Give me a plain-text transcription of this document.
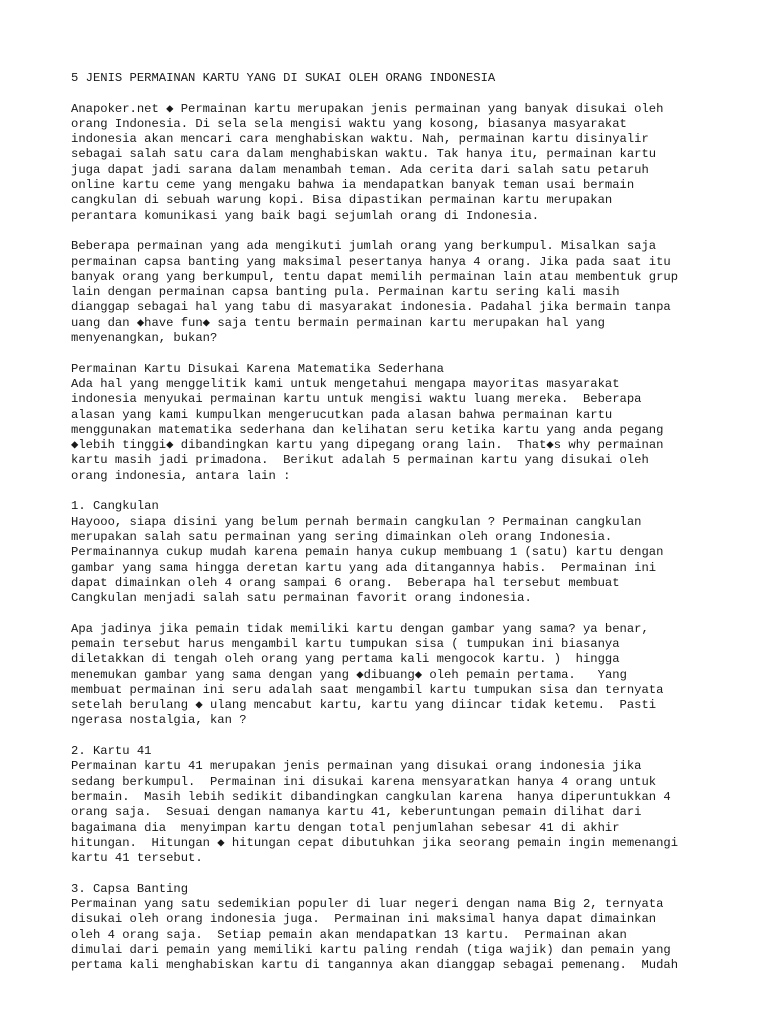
5 JENIS PERMAINAN KARTU YANG DI SUKAI OLEH ORANG INDONESIA
Anapoker.net ◆ Permainan kartu merupakan jenis permainan yang banyak disukai oleh
orang Indonesia. Di sela sela mengisi waktu yang kosong, biasanya masyarakat
indonesia akan mencari cara menghabiskan waktu. Nah, permainan kartu disinyalir
sebagai salah satu cara dalam menghabiskan waktu. Tak hanya itu, permainan kartu
juga dapat jadi sarana dalam menambah teman. Ada cerita dari salah satu petaruh
online kartu ceme yang mengaku bahwa ia mendapatkan banyak teman usai bermain
cangkulan di sebuah warung kopi. Bisa dipastikan permainan kartu merupakan
perantara komunikasi yang baik bagi sejumlah orang di Indonesia.
Beberapa permainan yang ada mengikuti jumlah orang yang berkumpul. Misalkan saja
permainan capsa banting yang maksimal pesertanya hanya 4 orang. Jika pada saat itu
banyak orang yang berkumpul, tentu dapat memilih permainan lain atau membentuk grup
lain dengan permainan capsa banting pula. Permainan kartu sering kali masih
dianggap sebagai hal yang tabu di masyarakat indonesia. Padahal jika bermain tanpa
uang dan ◆have fun◆ saja tentu bermain permainan kartu merupakan hal yang
menyenangkan, bukan?
Permainan Kartu Disukai Karena Matematika Sederhana
Ada hal yang menggelitik kami untuk mengetahui mengapa mayoritas masyarakat
indonesia menyukai permainan kartu untuk mengisi waktu luang mereka.  Beberapa
alasan yang kami kumpulkan mengerucutkan pada alasan bahwa permainan kartu
menggunakan matematika sederhana dan kelihatan seru ketika kartu yang anda pegang
◆lebih tinggi◆ dibandingkan kartu yang dipegang orang lain.  That◆s why permainan
kartu masih jadi primadona.  Berikut adalah 5 permainan kartu yang disukai oleh
orang indonesia, antara lain :
1. Cangkulan
Hayooo, siapa disini yang belum pernah bermain cangkulan ? Permainan cangkulan
merupakan salah satu permainan yang sering dimainkan oleh orang Indonesia.
Permainannya cukup mudah karena pemain hanya cukup membuang 1 (satu) kartu dengan
gambar yang sama hingga deretan kartu yang ada ditangannya habis.  Permainan ini
dapat dimainkan oleh 4 orang sampai 6 orang.  Beberapa hal tersebut membuat
Cangkulan menjadi salah satu permainan favorit orang indonesia.
Apa jadinya jika pemain tidak memiliki kartu dengan gambar yang sama? ya benar,
pemain tersebut harus mengambil kartu tumpukan sisa ( tumpukan ini biasanya
diletakkan di tengah oleh orang yang pertama kali mengocok kartu. )  hingga
menemukan gambar yang sama dengan yang ◆dibuang◆ oleh pemain pertama.   Yang
membuat permainan ini seru adalah saat mengambil kartu tumpukan sisa dan ternyata
setelah berulang ◆ ulang mencabut kartu, kartu yang diincar tidak ketemu.  Pasti
ngerasa nostalgia, kan ?
2. Kartu 41
Permainan kartu 41 merupakan jenis permainan yang disukai orang indonesia jika
sedang berkumpul.  Permainan ini disukai karena mensyaratkan hanya 4 orang untuk
bermain.  Masih lebih sedikit dibandingkan cangkulan karena  hanya diperuntukkan 4
orang saja.  Sesuai dengan namanya kartu 41, keberuntungan pemain dilihat dari
bagaimana dia  menyimpan kartu dengan total penjumlahan sebesar 41 di akhir
hitungan.  Hitungan ◆ hitungan cepat dibutuhkan jika seorang pemain ingin memenangi
kartu 41 tersebut.
3. Capsa Banting
Permainan yang satu sedemikian populer di luar negeri dengan nama Big 2, ternyata
disukai oleh orang indonesia juga.  Permainan ini maksimal hanya dapat dimainkan
oleh 4 orang saja.  Setiap pemain akan mendapatkan 13 kartu.  Permainan akan
dimulai dari pemain yang memiliki kartu paling rendah (tiga wajik) dan pemain yang
pertama kali menghabiskan kartu di tangannya akan dianggap sebagai pemenang.  Mudah
